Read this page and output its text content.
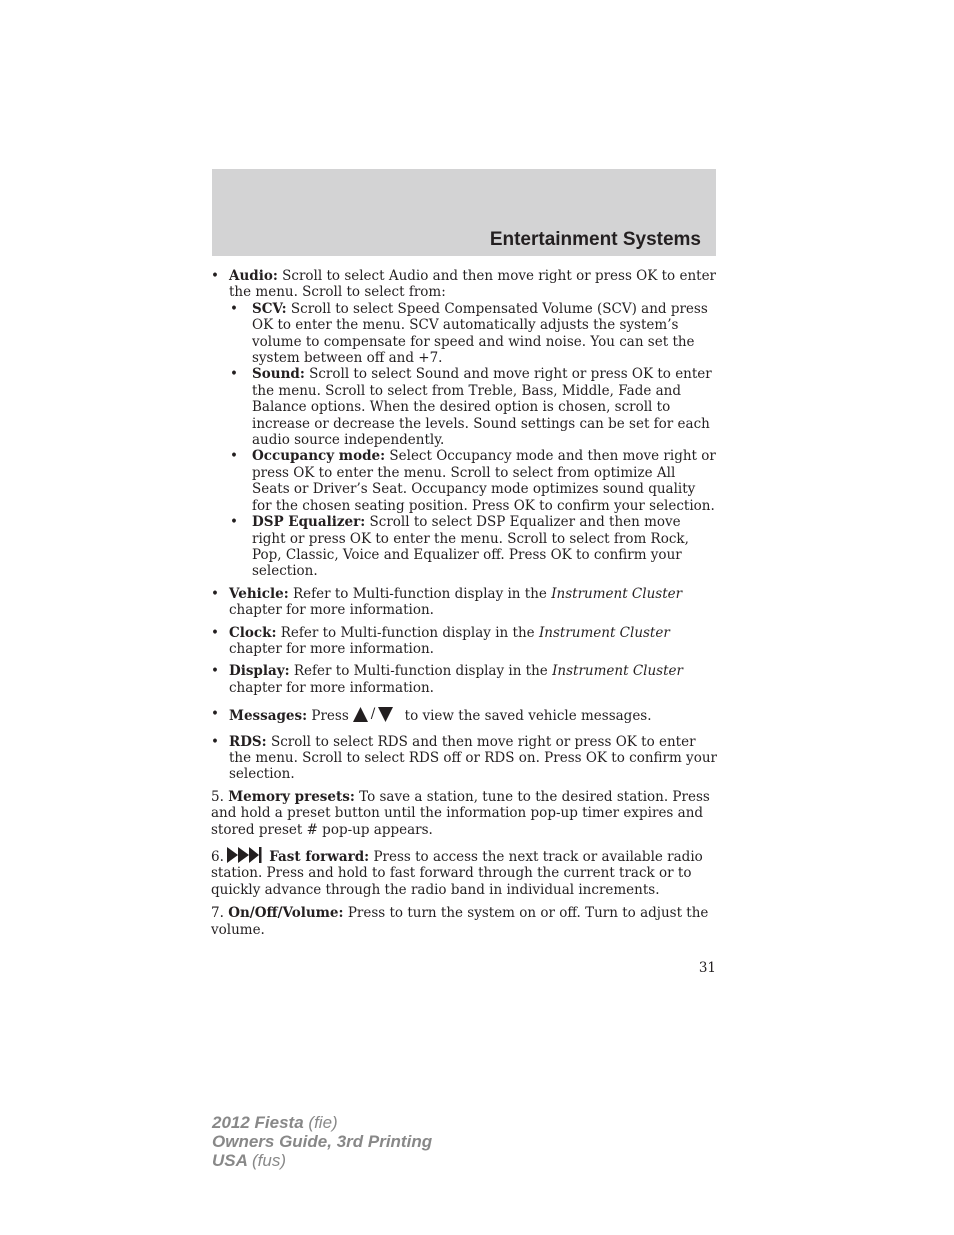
Entertainment Systems
• Audio: Scroll to select Audio and then move right or press OK to enter the menu. Scroll to select from:
• SCV: Scroll to select Speed Compensated Volume (SCV) and press OK to enter the menu. SCV automatically adjusts the system’s volume to compensate for speed and wind noise. You can set the system between off and +7.
• Sound: Scroll to select Sound and move right or press OK to enter the menu. Scroll to select from Treble, Bass, Middle, Fade and Balance options. When the desired option is chosen, scroll to increase or decrease the levels. Sound settings can be set for each audio source independently.
• Occupancy mode: Select Occupancy mode and then move right or press OK to enter the menu. Scroll to select from optimize All Seats or Driver’s Seat. Occupancy mode optimizes sound quality for the chosen seating position. Press OK to confirm your selection.
• DSP Equalizer: Scroll to select DSP Equalizer and then move right or press OK to enter the menu. Scroll to select from Rock, Pop, Classic, Voice and Equalizer off. Press OK to confirm your selection.
• Vehicle: Refer to Multi-function display in the Instrument Cluster chapter for more information.
• Clock: Refer to Multi-function display in the Instrument Cluster chapter for more information.
• Display: Refer to Multi-function display in the Instrument Cluster chapter for more information.
• Messages: Press / to view the saved vehicle messages.
• RDS: Scroll to select RDS and then move right or press OK to enter the menu. Scroll to select RDS off or RDS on. Press OK to confirm your selection.

5. Memory presets: To save a station, tune to the desired station. Press and hold a preset button until the information pop-up timer expires and stored preset # pop-up appears.

6.	Fast forward: Press to access the next track or available radio station. Press and hold to fast forward through the current track or to quickly advance through the radio band in individual increments.

7. On/Off/Volume: Press to turn the system on or off. Turn to adjust the volume.

31
2012 Fiesta (fie)
Owners Guide, 3rd Printing
USA (fus)
